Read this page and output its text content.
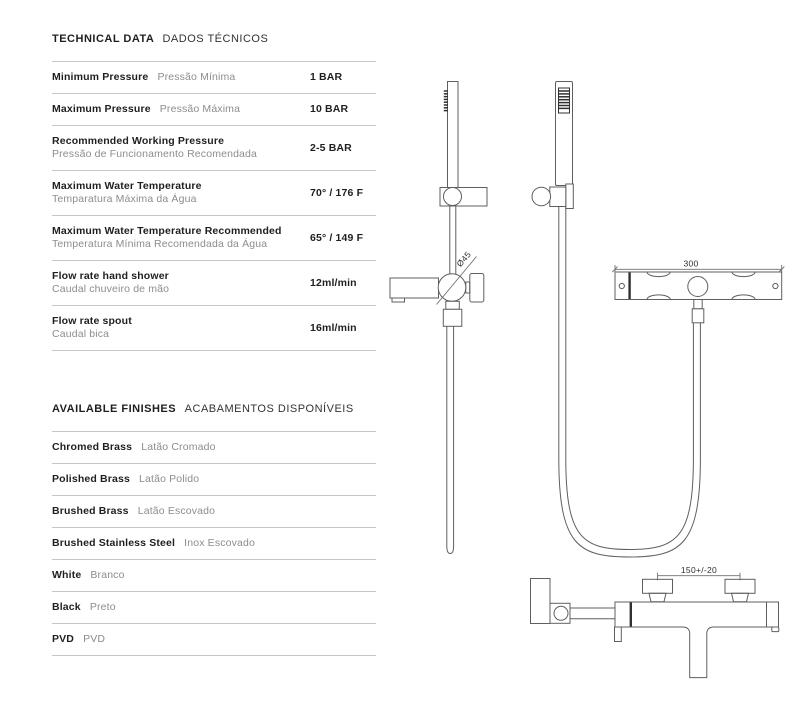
TECHNICAL DATA DADOS TÉCNICOS
Minimum Pressure Pressão Mínima	1 BAR
Maximum Pressure Pressão Máxima	10 BAR
Recommended Working Pressure
Pressão de Funcionamento Recomendada
2-5 BAR
Maximum Water Temperature
Temparatura Máxima da Água
70° / 176 F
Maximum Water Temperature Recommended
Temperatura Mínima Recomendada da Água
65° / 149 F
Flow rate hand shower
Caudal chuveiro de mão
12ml/min
Flow rate spout
Caudal bica
16ml/min
AVAILABLE FINISHES ACABAMENTOS DISPONÍVEIS
Chromed Brass Latão Cromado
Polished Brass Latão Polido
Brushed Brass Latão Escovado
Brushed Stainless Steel Inox Escovado
White Branco
Black Preto
PVD PVD
Ø45	300
150+/-20
